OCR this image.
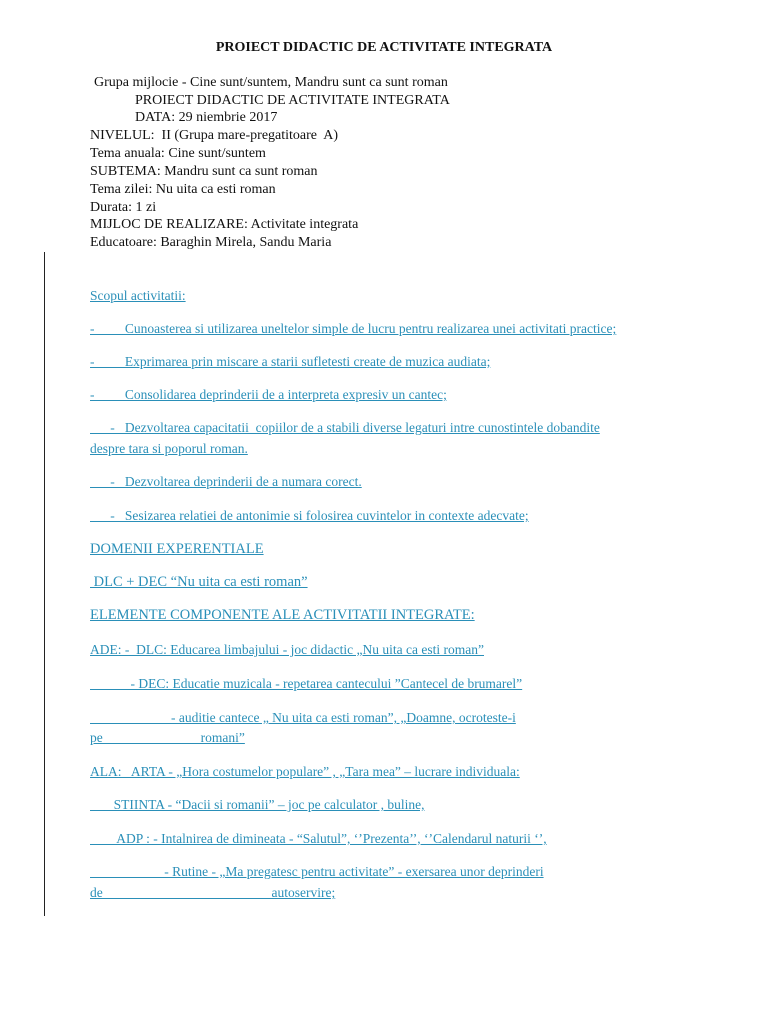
PROIECT DIDACTIC DE ACTIVITATE INTEGRATA
Grupa mijlocie - Cine sunt/suntem, Mandru sunt ca sunt roman
PROIECT DIDACTIC DE ACTIVITATE INTEGRATA
DATA: 29 niembrie 2017
NIVELUL:  II (Grupa mare-pregatitoare  A)
Tema anuala: Cine sunt/suntem
SUBTEMA: Mandru sunt ca sunt roman
Tema zilei: Nu uita ca esti roman
Durata: 1 zi
MIJLOC DE REALIZARE: Activitate integrata
Educatoare: Baraghin Mirela, Sandu Maria
Scopul activitatii:
-         Cunoasterea si utilizarea uneltelor simple de lucru pentru realizarea unei activitati practice;
-         Exprimarea prin miscare a starii sufletesti create de muzica audiata;
-         Consolidarea deprinderii de a interpreta expresiv un cantec;
-   Dezvoltarea capacitatii  copiilor de a stabili diverse legaturi intre cunostintele dobandite
despre tara si poporul roman.
-   Dezvoltarea deprinderii de a numara corect.
-   Sesizarea relatiei de antonimie si folosirea cuvintelor in contexte adecvate;
DOMENII EXPERENTIALE
DLC + DEC “Nu uita ca esti roman”
ELEMENTE COMPONENTE ALE ACTIVITATII INTEGRATE:
ADE: -  DLC: Educarea limbajului - joc didactic „Nu uita ca esti roman”
- DEC: Educatie muzicala - repetarea cantecului ”Cantecel de brumarel”
- auditie cantece „ Nu uita ca esti roman”, „Doamne, ocroteste-i
pe                             romani”
ALA:   ARTA - „Hora costumelor populare” , „Tara mea” – lucrare individuala:
STIINTA - “Dacii si romanii” – joc pe calculator , buline,
ADP : - Intalnirea de dimineata - “Salutul”, ‘’Prezenta’’, ‘’Calendarul naturii ‘’,
- Rutine - „Ma pregatesc pentru activitate” - exersarea unor deprinderi
de                                                  autoservire;
